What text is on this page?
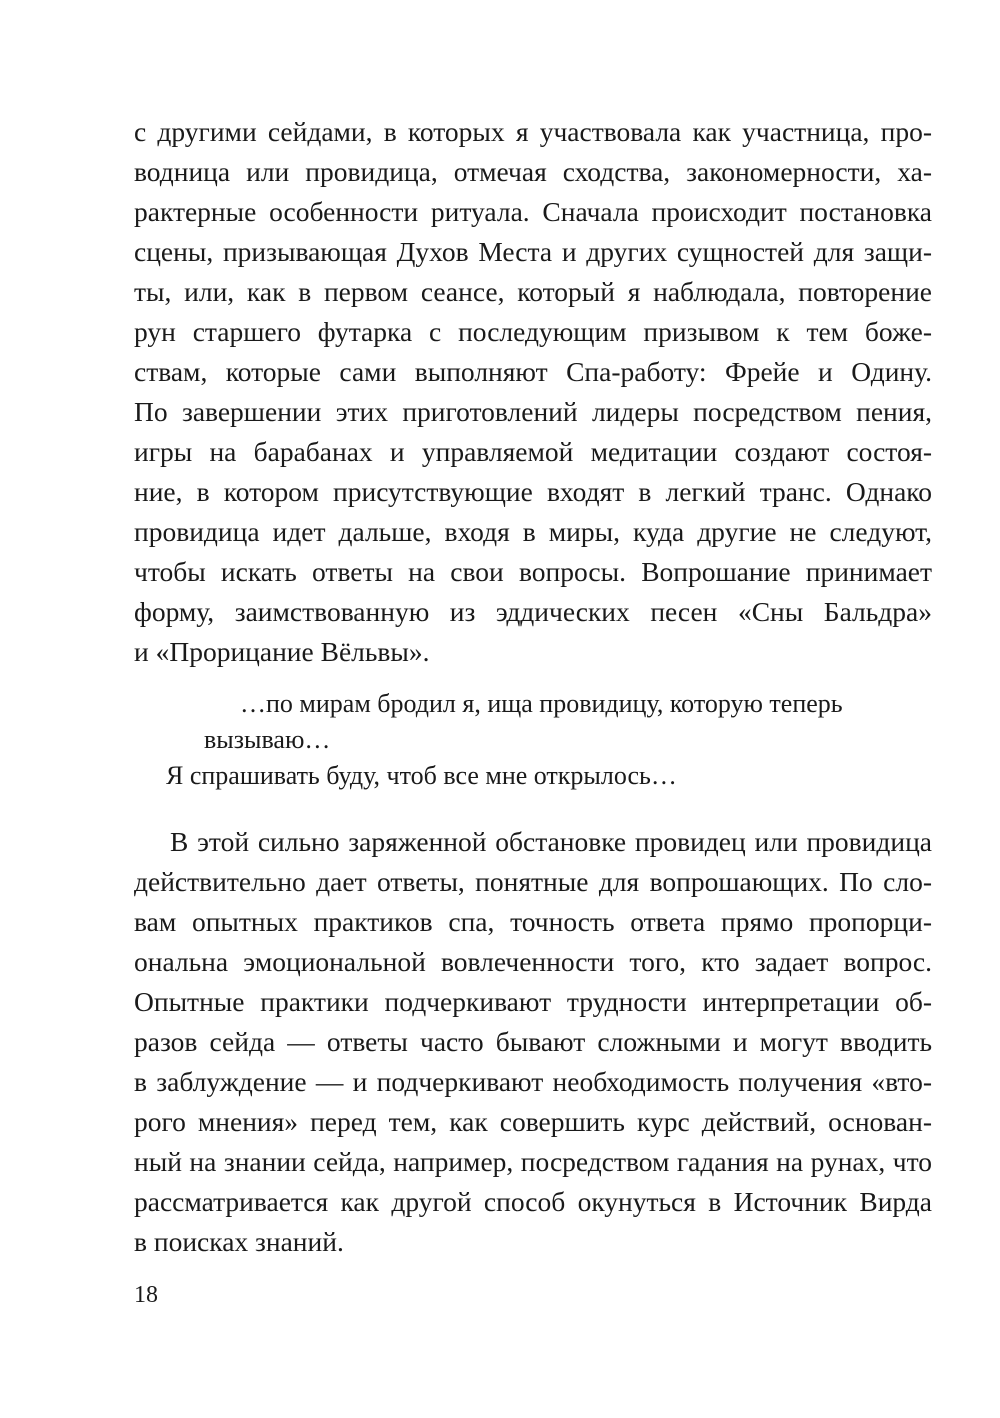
с другими сейдами, в которых я участвовала как участница, про-
водница или провидица, отмечая сходства, закономерности, ха-
рактерные особенности ритуала. Сначала происходит постановка
сцены, призывающая Духов Места и других сущностей для защи-
ты, или, как в первом сеансе, который я наблюдала, повторение
рун старшего футарка с последующим призывом к тем боже-
ствам, которые сами выполняют Спа-работу: Фрейе и Одину.
По завершении этих приготовлений лидеры посредством пения,
игры на барабанах и управляемой медитации создают состоя-
ние, в котором присутствующие входят в легкий транс. Однако
провидица идет дальше, входя в миры, куда другие не следуют,
чтобы искать ответы на свои вопросы. Вопрошание принимает
форму, заимствованную из эддических песен «Сны Бальдра»
и «Прорицание Вёльвы».
…по мирам бродил я, ища провидицу, которую теперь
вызываю…
Я спрашивать буду, чтоб все мне открылось…
В этой сильно заряженной обстановке провидец или провидица
действительно дает ответы, понятные для вопрошающих. По сло-
вам опытных практиков спа, точность ответа прямо пропорци-
ональна эмоциональной вовлеченности того, кто задает вопрос.
Опытные практики подчеркивают трудности интерпретации об-
разов сейда — ответы часто бывают сложными и могут вводить
в заблуждение — и подчеркивают необходимость получения «вто-
рого мнения» перед тем, как совершить курс действий, основан-
ный на знании сейда, например, посредством гадания на рунах, что
рассматривается как другой способ окунуться в Источник Вирда
в поисках знаний.
18
